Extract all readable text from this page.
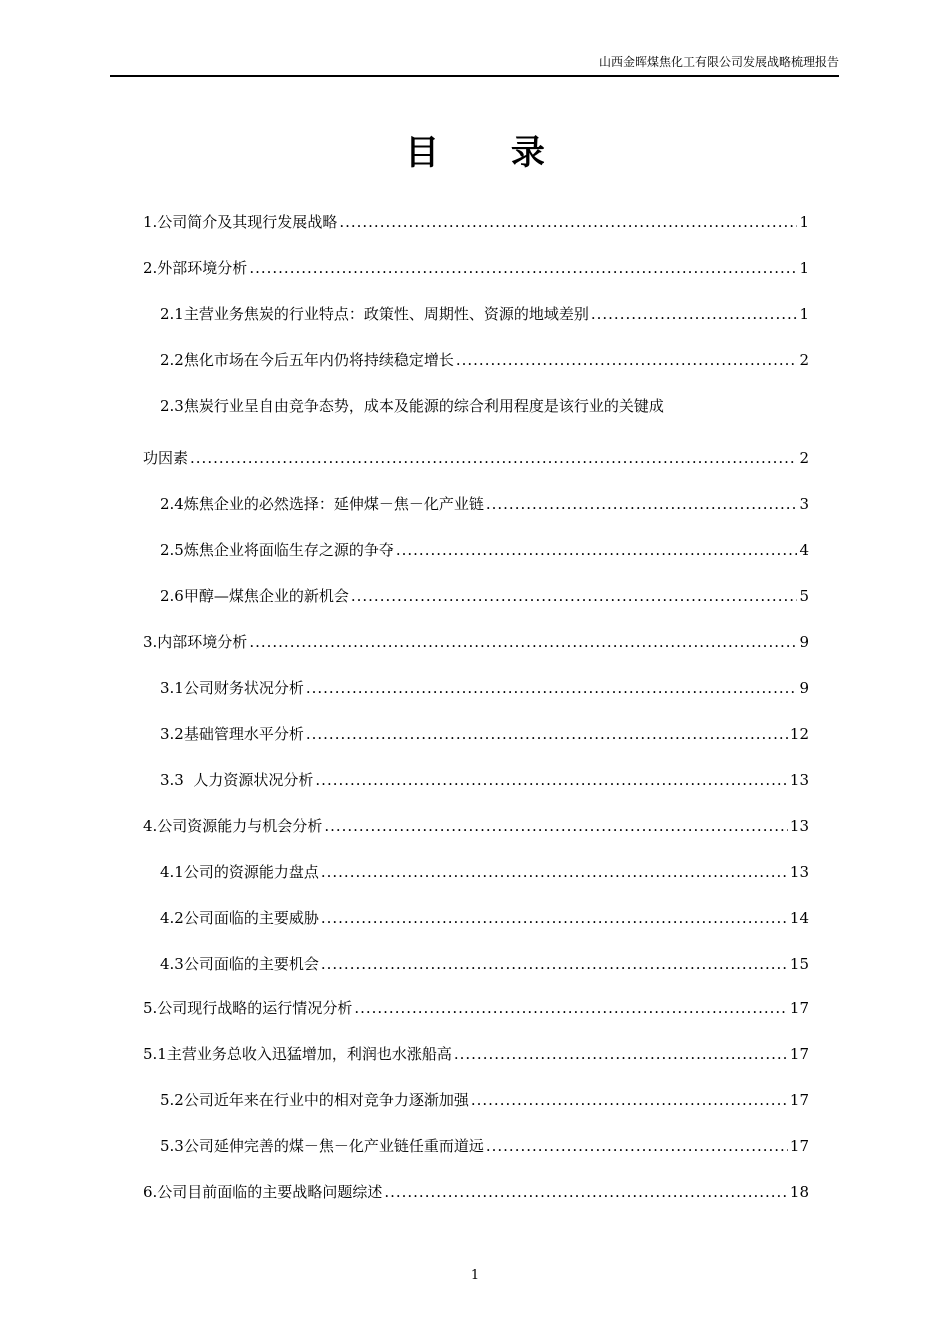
山西金晖煤焦化工有限公司发展战略梳理报告
目 录
1.公司简介及其现行发展战略 .....	1
2.外部环境分析 .....	1
2.1主营业务焦炭的行业特点：政策性、周期性、资源的地域差别 .....	1
2.2焦化市场在今后五年内仍将持续稳定增长 .....	2
2.3焦炭行业呈自由竞争态势，成本及能源的综合利用程度是该行业的关键成
功因素 .....	2
2.4炼焦企业的必然选择：延伸煤－焦－化产业链 .....	3
2.5炼焦企业将面临生存之源的争夺 .....	4
2.6甲醇—煤焦企业的新机会 .....	5
3.内部环境分析 .....	9
3.1公司财务状况分析 .....	9
3.2基础管理水平分析 .....	12
3.3  人力资源状况分析 .....	13
4.公司资源能力与机会分析 .....	13
4.1公司的资源能力盘点 .....	13
4.2公司面临的主要威胁 .....	14
4.3公司面临的主要机会 .....	15
5.公司现行战略的运行情况分析 .....	17
5.1主营业务总收入迅猛增加，利润也水涨船高 .....	17
5.2公司近年来在行业中的相对竞争力逐渐加强 .....	17
5.3公司延伸完善的煤－焦－化产业链任重而道远 .....	17
6.公司目前面临的主要战略问题综述 .....	18
1
